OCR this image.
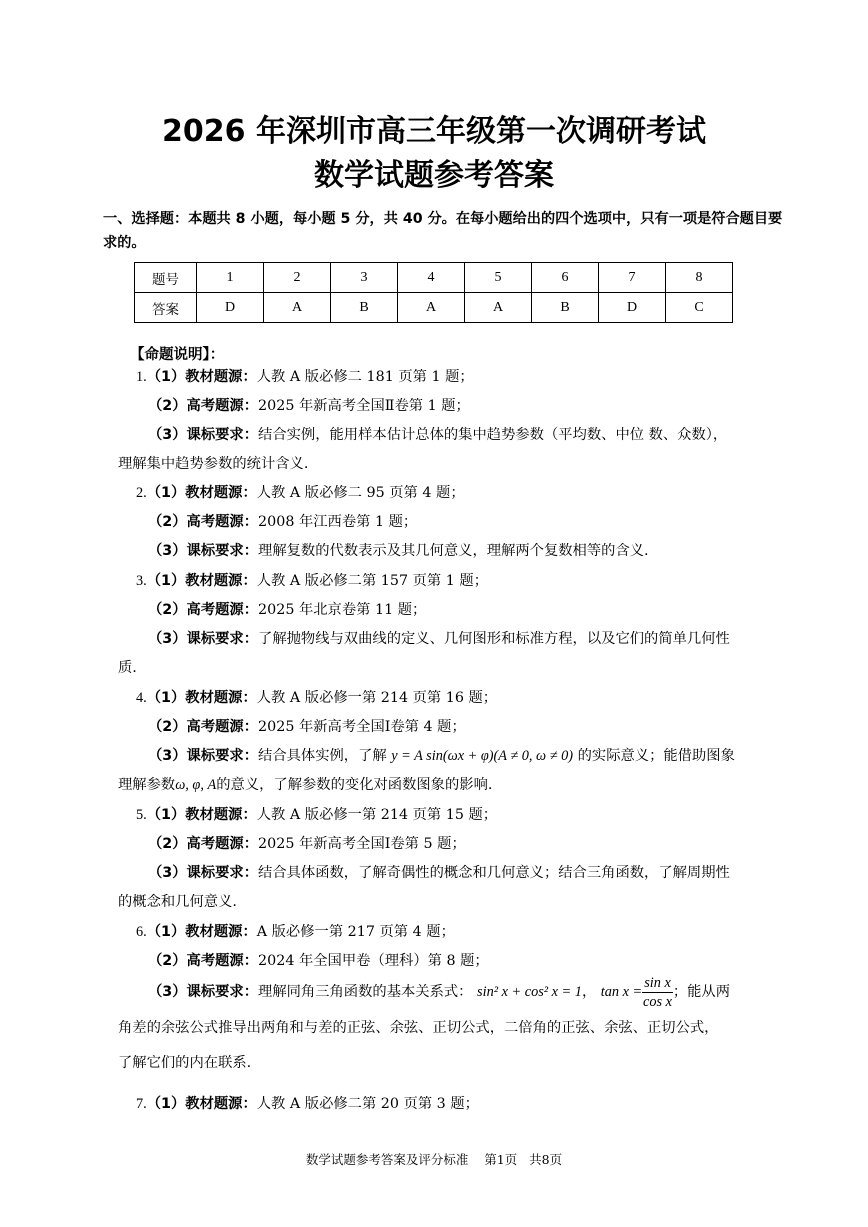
2026 年深圳市高三年级第一次调研考试
数学试题参考答案
一、选择题：本题共 8 小题，每小题 5 分，共 40 分。在每小题给出的四个选项中，只有一项是符合题目要求的。
题号	1	2	3	4	5	6	7	8
答案	D	A	B	A	A	B	D	C
【命题说明】：
1.（1）教材题源：人教 A 版必修二 181 页第 1 题；
（2）高考题源：2025 年新高考全国Ⅱ卷第 1 题；
（3）课标要求：结合实例，能用样本估计总体的集中趋势参数（平均数、中位 数、众数），
理解集中趋势参数的统计含义.
2.（1）教材题源：人教 A 版必修二 95 页第 4 题；
（2）高考题源：2008 年江西卷第 1 题；
（3）课标要求：理解复数的代数表示及其几何意义，理解两个复数相等的含义.
3.（1）教材题源：人教 A 版必修二第 157 页第 1 题；
（2）高考题源：2025 年北京卷第 11 题；
（3）课标要求：了解抛物线与双曲线的定义、几何图形和标准方程，以及它们的简单几何性
质.
4.（1）教材题源：人教 A 版必修一第 214 页第 16 题；
（2）高考题源：2025 年新高考全国Ⅰ卷第 4 题；
（3）课标要求：结合具体实例，了解 y = A sin(ωx + φ)(A ≠ 0, ω ≠ 0) 的实际意义；能借助图象
理解参数ω, φ, A的意义，了解参数的变化对函数图象的影响.
5.（1）教材题源：人教 A 版必修一第 214 页第 15 题；
（2）高考题源：2025 年新高考全国Ⅰ卷第 5 题；
（3）课标要求：结合具体函数，了解奇偶性的概念和几何意义；结合三角函数，了解周期性
的概念和几何意义.
6.（1）教材题源：A 版必修一第 217 页第 4 题；
（2）高考题源：2024 年全国甲卷（理科）第 8 题；
（3）课标要求：理解同角三角函数的基本关系式： sin² x + cos² x = 1， $\tan x = \frac{\text{sin x}}{\text{cos x}}$ ；能从两
角差的余弦公式推导出两角和与差的正弦、余弦、正切公式，二倍角的正弦、余弦、正切公式，
了解它们的内在联系.
7.（1）教材题源：人教 A 版必修二第 20 页第 3 题；
数学试题参考答案及评分标准    第1页   共8页
